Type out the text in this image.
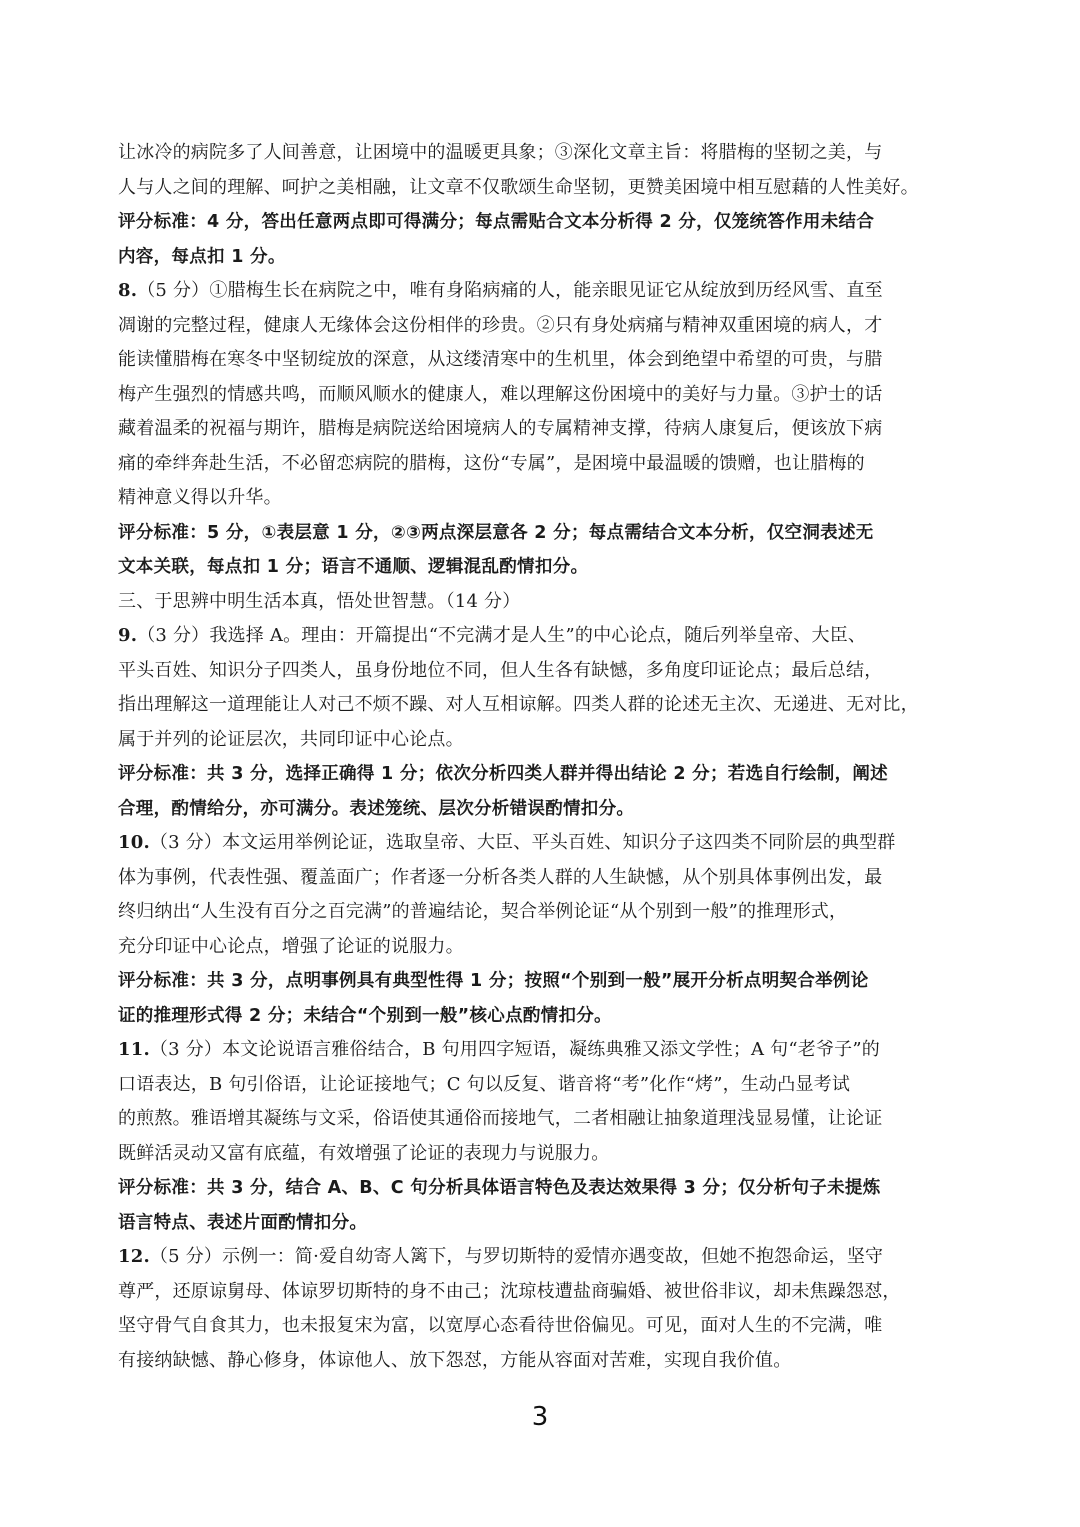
让冰冷的病院多了人间善意，让困境中的温暖更具象；③深化文章主旨：将腊梅的坚韧之美，与
人与人之间的理解、呵护之美相融，让文章不仅歌颂生命坚韧，更赞美困境中相互慰藉的人性美好。
评分标准：4 分，答出任意两点即可得满分；每点需贴合文本分析得 2 分，仅笼统答作用未结合
内容，每点扣 1 分。
8.（5 分）①腊梅生长在病院之中，唯有身陷病痛的人，能亲眼见证它从绽放到历经风雪、直至
凋谢的完整过程，健康人无缘体会这份相伴的珍贵。②只有身处病痛与精神双重困境的病人，才
能读懂腊梅在寒冬中坚韧绽放的深意，从这缕清寒中的生机里，体会到绝望中希望的可贵，与腊
梅产生强烈的情感共鸣，而顺风顺水的健康人，难以理解这份困境中的美好与力量。③护士的话
藏着温柔的祝福与期许，腊梅是病院送给困境病人的专属精神支撑，待病人康复后，便该放下病
痛的牵绊奔赴生活，不必留恋病院的腊梅，这份“专属”，是困境中最温暖的馈赠，也让腊梅的
精神意义得以升华。
评分标准：5 分，①表层意 1 分，②③两点深层意各 2 分；每点需结合文本分析，仅空洞表述无
文本关联，每点扣 1 分；语言不通顺、逻辑混乱酌情扣分。
三、于思辨中明生活本真，悟处世智慧。（14 分）
9.（3 分）我选择 A。理由：开篇提出“不完满才是人生”的中心论点，随后列举皇帝、大臣、
平头百姓、知识分子四类人，虽身份地位不同，但人生各有缺憾，多角度印证论点；最后总结，
指出理解这一道理能让人对己不烦不躁、对人互相谅解。四类人群的论述无主次、无递进、无对比，
属于并列的论证层次，共同印证中心论点。
评分标准：共 3 分，选择正确得 1 分；依次分析四类人群并得出结论 2 分；若选自行绘制，阐述
合理，酌情给分，亦可满分。表述笼统、层次分析错误酌情扣分。
10.（3 分）本文运用举例论证，选取皇帝、大臣、平头百姓、知识分子这四类不同阶层的典型群
体为事例，代表性强、覆盖面广；作者逐一分析各类人群的人生缺憾，从个别具体事例出发，最
终归纳出“人生没有百分之百完满”的普遍结论，契合举例论证“从个别到一般”的推理形式，
充分印证中心论点，增强了论证的说服力。
评分标准：共 3 分，点明事例具有典型性得 1 分；按照“个别到一般”展开分析点明契合举例论
证的推理形式得 2 分；未结合“个别到一般”核心点酌情扣分。
11.（3 分）本文论说语言雅俗结合，B 句用四字短语，凝练典雅又添文学性；A 句“老爷子”的
口语表达，B 句引俗语，让论证接地气；C 句以反复、谐音将“考”化作“烤”，生动凸显考试
的煎熬。雅语增其凝练与文采，俗语使其通俗而接地气，二者相融让抽象道理浅显易懂，让论证
既鲜活灵动又富有底蕴，有效增强了论证的表现力与说服力。
评分标准：共 3 分，结合 A、B、C 句分析具体语言特色及表达效果得 3 分；仅分析句子未提炼
语言特点、表述片面酌情扣分。
12.（5 分）示例一：简·爱自幼寄人篱下，与罗切斯特的爱情亦遇变故，但她不抱怨命运，坚守
尊严，还原谅舅母、体谅罗切斯特的身不由己；沈琼枝遭盐商骗婚、被世俗非议，却未焦躁怨怼，
坚守骨气自食其力，也未报复宋为富，以宽厚心态看待世俗偏见。可见，面对人生的不完满，唯
有接纳缺憾、静心修身，体谅他人、放下怨怼，方能从容面对苦难，实现自我价值。
3
